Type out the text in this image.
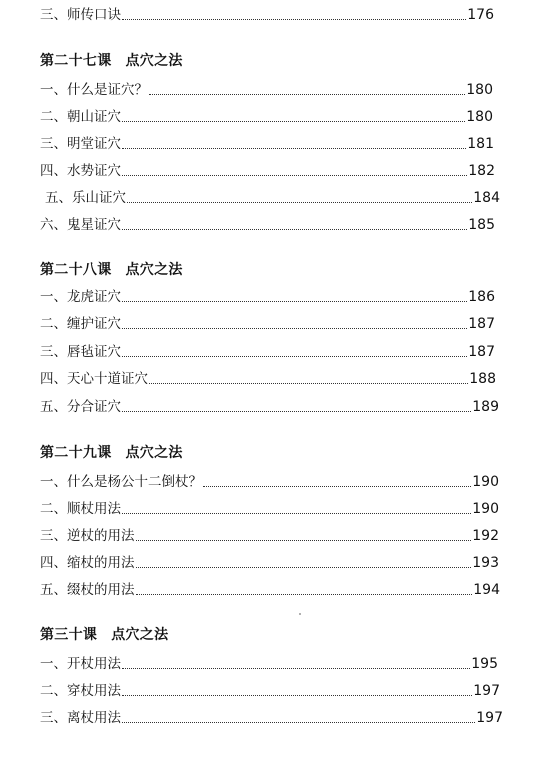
三、师传口诀	176
第二十七课 点穴之法
一、什么是证穴？	180
二、朝山证穴	180
三、明堂证穴	181
四、水势证穴	182
五、乐山证穴	184
六、鬼星证穴	185
第二十八课 点穴之法
一、龙虎证穴	186
二、缠护证穴	187
三、唇毡证穴	187
四、天心十道证穴	188
五、分合证穴	189
第二十九课 点穴之法
一、什么是杨公十二倒杖？	190
二、顺杖用法	190
三、逆杖的用法	192
四、缩杖的用法	193
五、缀杖的用法	194
第三十课 点穴之法
一、开杖用法	195
二、穿杖用法	197
三、离杖用法	197
